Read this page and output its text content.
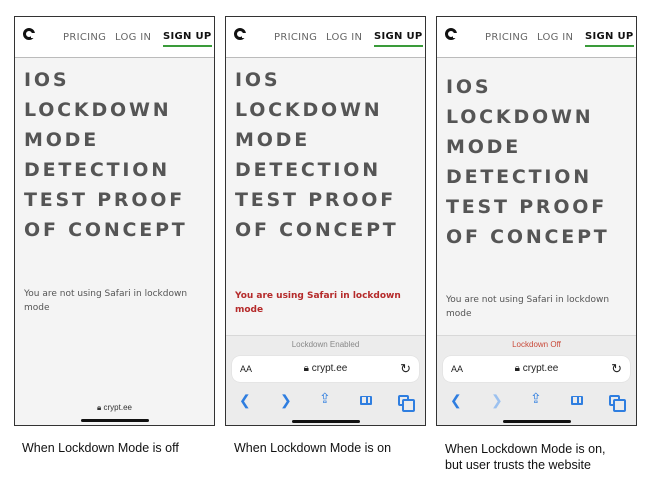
PRICING LOG IN SIGN UP
IOS
LOCKDOWN
MODE
DETECTION
TEST PROOF
OF CONCEPT
You are not using Safari in lockdown
mode
🔒︎ crypt.ee
PRICING LOG IN SIGN UP
IOS
LOCKDOWN
MODE
DETECTION
TEST PROOF
OF CONCEPT
You are using Safari in lockdown
mode
Lockdown Enabled
AA	🔒︎ crypt.ee	↻
❮ ❯ ⇪
PRICING LOG IN SIGN UP
IOS
LOCKDOWN
MODE
DETECTION
TEST PROOF
OF CONCEPT
You are not using Safari in lockdown
mode
Lockdown Off
AA	🔒︎ crypt.ee	↻
❮ ❯ ⇪
When Lockdown Mode is off	When Lockdown Mode is on	When Lockdown Mode is on,
but user trusts the website
